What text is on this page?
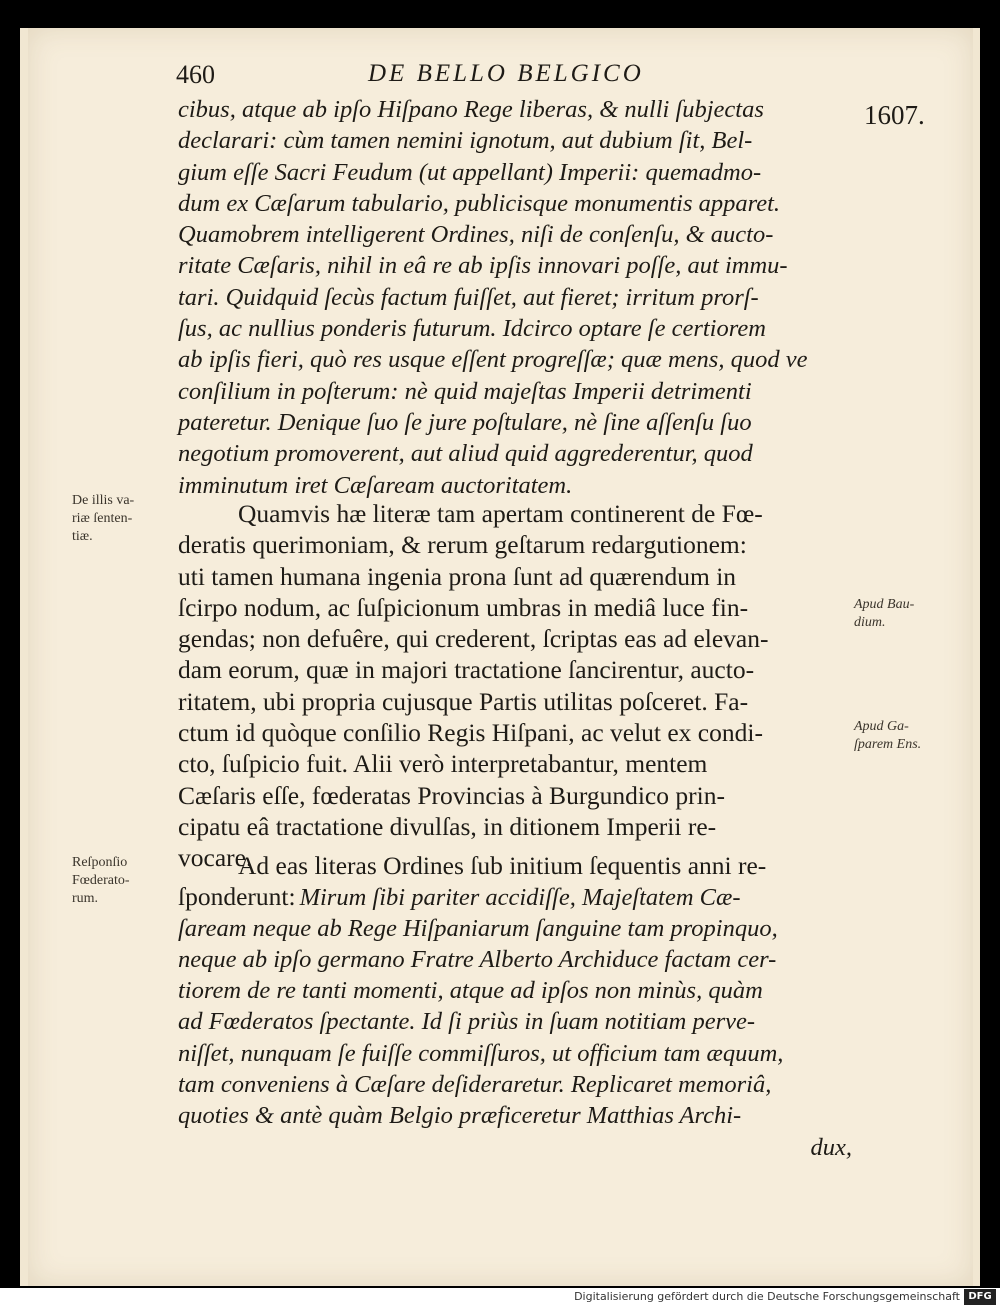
460	DE BELLO BELGICO
1607.
cibus, atque ab ipſo Hiſpano Rege liberas, & nulli ſubjectas
declarari: cùm tamen nemini ignotum, aut dubium ſit, Bel-
gium eſſe Sacri Feudum (ut appellant) Imperii: quemadmo-
dum ex Cæſarum tabulario, publicisque monumentis apparet.
Quamobrem intelligerent Ordines, niſi de conſenſu, & aucto-
ritate Cæſaris, nihil in eâ re ab ipſis innovari poſſe, aut immu-
tari. Quidquid ſecùs factum fuiſſet, aut fieret; irritum prorſ-
ſus, ac nullius ponderis futurum. Idcirco optare ſe certiorem
ab ipſis fieri, quò res usque eſſent progreſſæ; quæ mens, quod ve
conſilium in poſterum: nè quid majeſtas Imperii detrimenti
pateretur. Denique ſuo ſe jure poſtulare, nè ſine aſſenſu ſuo
negotium promoverent, aut aliud quid aggrederentur, quod
imminutum iret Cæſaream auctoritatem.
Quamvis hæ literæ tam apertam continerent de Fœ-
deratis querimoniam, & rerum geſtarum redargutionem:
uti tamen humana ingenia prona ſunt ad quærendum in
ſcirpo nodum, ac ſuſpicionum umbras in mediâ luce fin-
gendas; non defuêre, qui crederent, ſcriptas eas ad elevan-
dam eorum, quæ in majori tractatione ſancirentur, aucto-
ritatem, ubi propria cujusque Partis utilitas poſceret. Fa-
ctum id quòque conſilio Regis Hiſpani, ac velut ex condi-
cto, ſuſpicio fuit. Alii verò interpretabantur, mentem
Cæſaris eſſe, fœderatas Provincias à Burgundico prin-
cipatu eâ tractatione divulſas, in ditionem Imperii re-
vocare.
Ad eas literas Ordines ſub initium ſequentis anni re-
ſponderunt: Mirum ſibi pariter accidiſſe, Majeſtatem Cæ-
ſaream neque ab Rege Hiſpaniarum ſanguine tam propinquo,
neque ab ipſo germano Fratre Alberto Archiduce factam cer-
tiorem de re tanti momenti, atque ad ipſos non minùs, quàm
ad Fœderatos ſpectante. Id ſi priùs in ſuam notitiam perve-
niſſet, nunquam ſe fuiſſe commiſſuros, ut officium tam æquum,
tam conveniens à Cæſare deſideraretur. Replicaret memoriâ,
quoties & antè quàm Belgio præficeretur Matthias Archi-
dux,
De illis va-
riæ ſenten-
tiæ.
Reſponſio
Fœderato-
rum.
Apud Bau-
dium.
Apud Ga-
ſparem Ens.
Digitalisierung gefördert durch die Deutsche Forschungsgemeinschaft DFG
